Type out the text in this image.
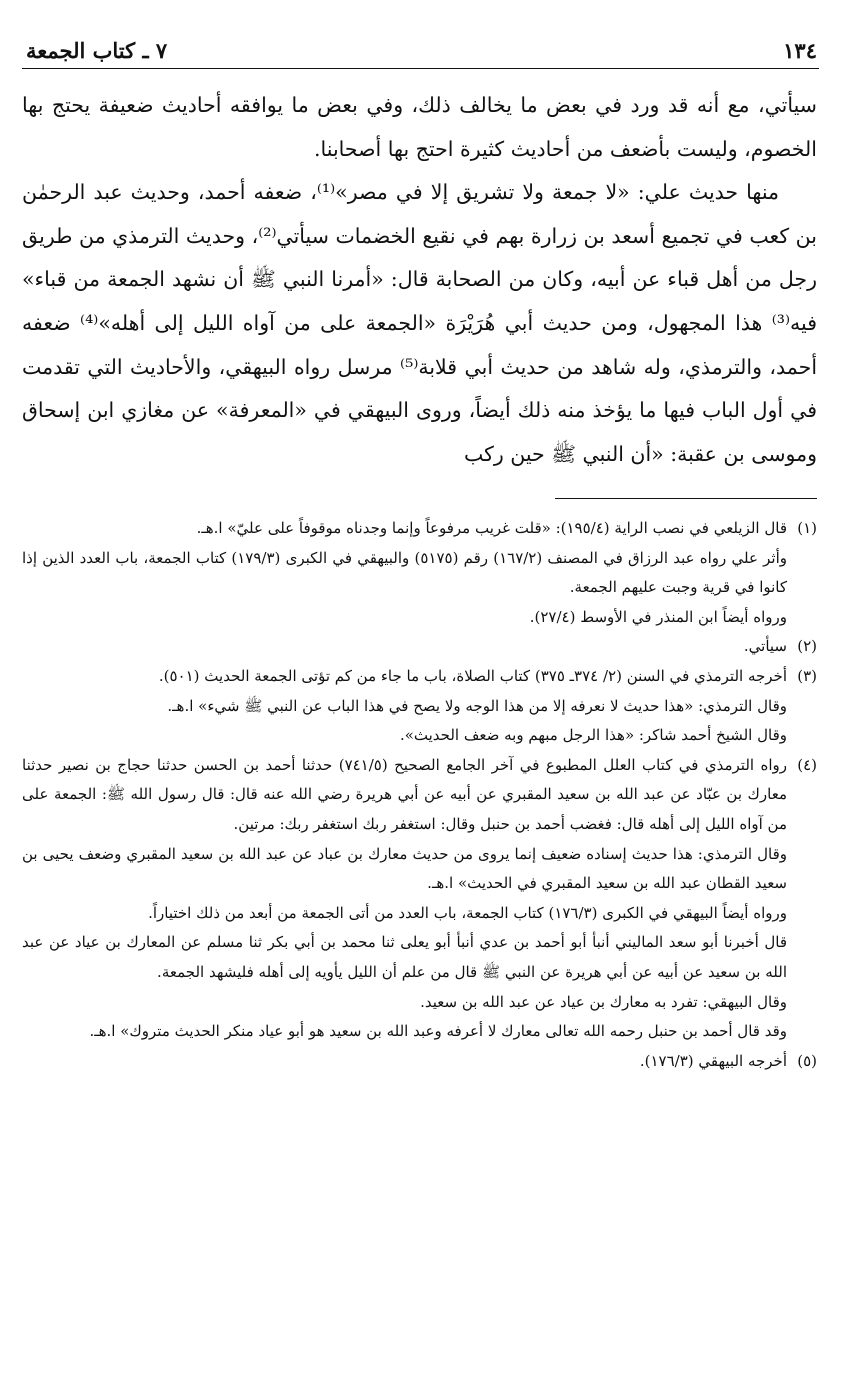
١٣٤
٧ ـ كتاب الجمعة

سيأتي، مع أنه قد ورد في بعض ما يخالف ذلك، وفي بعض ما يوافقه أحاديث ضعيفة يحتج بها الخصوم، وليست بأضعف من أحاديث كثيرة احتج بها أصحابنا.

منها حديث علي: «لا جمعة ولا تشريق إلا في مصر»⁽¹⁾، ضعفه أحمد، وحديث عبد الرحمٰن بن كعب في تجميع أسعد بن زرارة بهم في نقيع الخضمات سيأتي⁽²⁾، وحديث الترمذي من طريق رجل من أهل قباء عن أبيه، وكان من الصحابة قال: «أمرنا النبي ﷺ أن نشهد الجمعة من قباء» فيه⁽³⁾ هذا المجهول، ومن حديث أبي هُرَيْرَة «الجمعة على من آواه الليل إلى أهله»⁽⁴⁾ ضعفه أحمد، والترمذي، وله شاهد من حديث أبي قلابة⁽⁵⁾ مرسل رواه البيهقي، والأحاديث التي تقدمت في أول الباب فيها ما يؤخذ منه ذلك أيضاً، وروى البيهقي في «المعرفة» عن مغازي ابن إسحاق وموسى بن عقبة: «أن النبي ﷺ حين ركب

(١)
قال الزيلعي في نصب الراية (١٩٥/٤): «قلت غريب مرفوعاً وإنما وجدناه موقوفاً على عليّ» ا.هـ.
وأثر علي رواه عبد الرزاق في المصنف (١٦٧/٢) رقم (٥١٧٥) والبيهقي في الكبرى (١٧٩/٣) كتاب الجمعة، باب العدد الذين إذا كانوا في قرية وجبت عليهم الجمعة.
ورواه أيضاً ابن المنذر في الأوسط (٢٧/٤).
(٢)
سيأتي.
(٣)
أخرجه الترمذي في السنن (٢/ ٣٧٤ـ ٣٧٥) كتاب الصلاة، باب ما جاء من كم تؤتى الجمعة الحديث (٥٠١).
وقال الترمذي: «هذا حديث لا نعرفه إلا من هذا الوجه ولا يصح في هذا الباب عن النبي ﷺ شيء» ا.هـ.
وقال الشيخ أحمد شاكر: «هذا الرجل مبهم وبه ضعف الحديث».
(٤)
رواه الترمذي في كتاب العلل المطبوع في آخر الجامع الصحيح (٧٤١/٥) حدثنا أحمد بن الحسن حدثنا حجاج بن نصير حدثنا معارك بن عبّاد عن عبد الله بن سعيد المقبري عن أبيه عن أبي هريرة رضي الله عنه قال: قال رسول الله ﷺ: الجمعة على من آواه الليل إلى أهله قال: فغضب أحمد بن حنبل وقال: استغفر ربك استغفر ربك: مرتين.
وقال الترمذي: هذا حديث إسناده ضعيف إنما يروى من حديث معارك بن عباد عن عبد الله بن سعيد المقبري وضعف يحيى بن سعيد القطان عبد الله بن سعيد المقبري في الحديث» ا.هـ.
ورواه أيضاً البيهقي في الكبرى (١٧٦/٣) كتاب الجمعة، باب العدد من أتى الجمعة من أبعد من ذلك اختياراً.
قال أخبرنا أبو سعد الماليني أنبأ أبو أحمد بن عدي أنبأ أبو يعلى ثنا محمد بن أبي بكر ثنا مسلم عن المعارك بن عياد عن عبد الله بن سعيد عن أبيه عن أبي هريرة عن النبي ﷺ قال من علم أن الليل يأويه إلى أهله فليشهد الجمعة.
وقال البيهقي: تفرد به معارك بن عياد عن عبد الله بن سعيد.
وقد قال أحمد بن حنبل رحمه الله تعالى معارك لا أعرفه وعبد الله بن سعيد هو أبو عياد منكر الحديث متروك» ا.هـ.
(٥)
أخرجه البيهقي (١٧٦/٣).
